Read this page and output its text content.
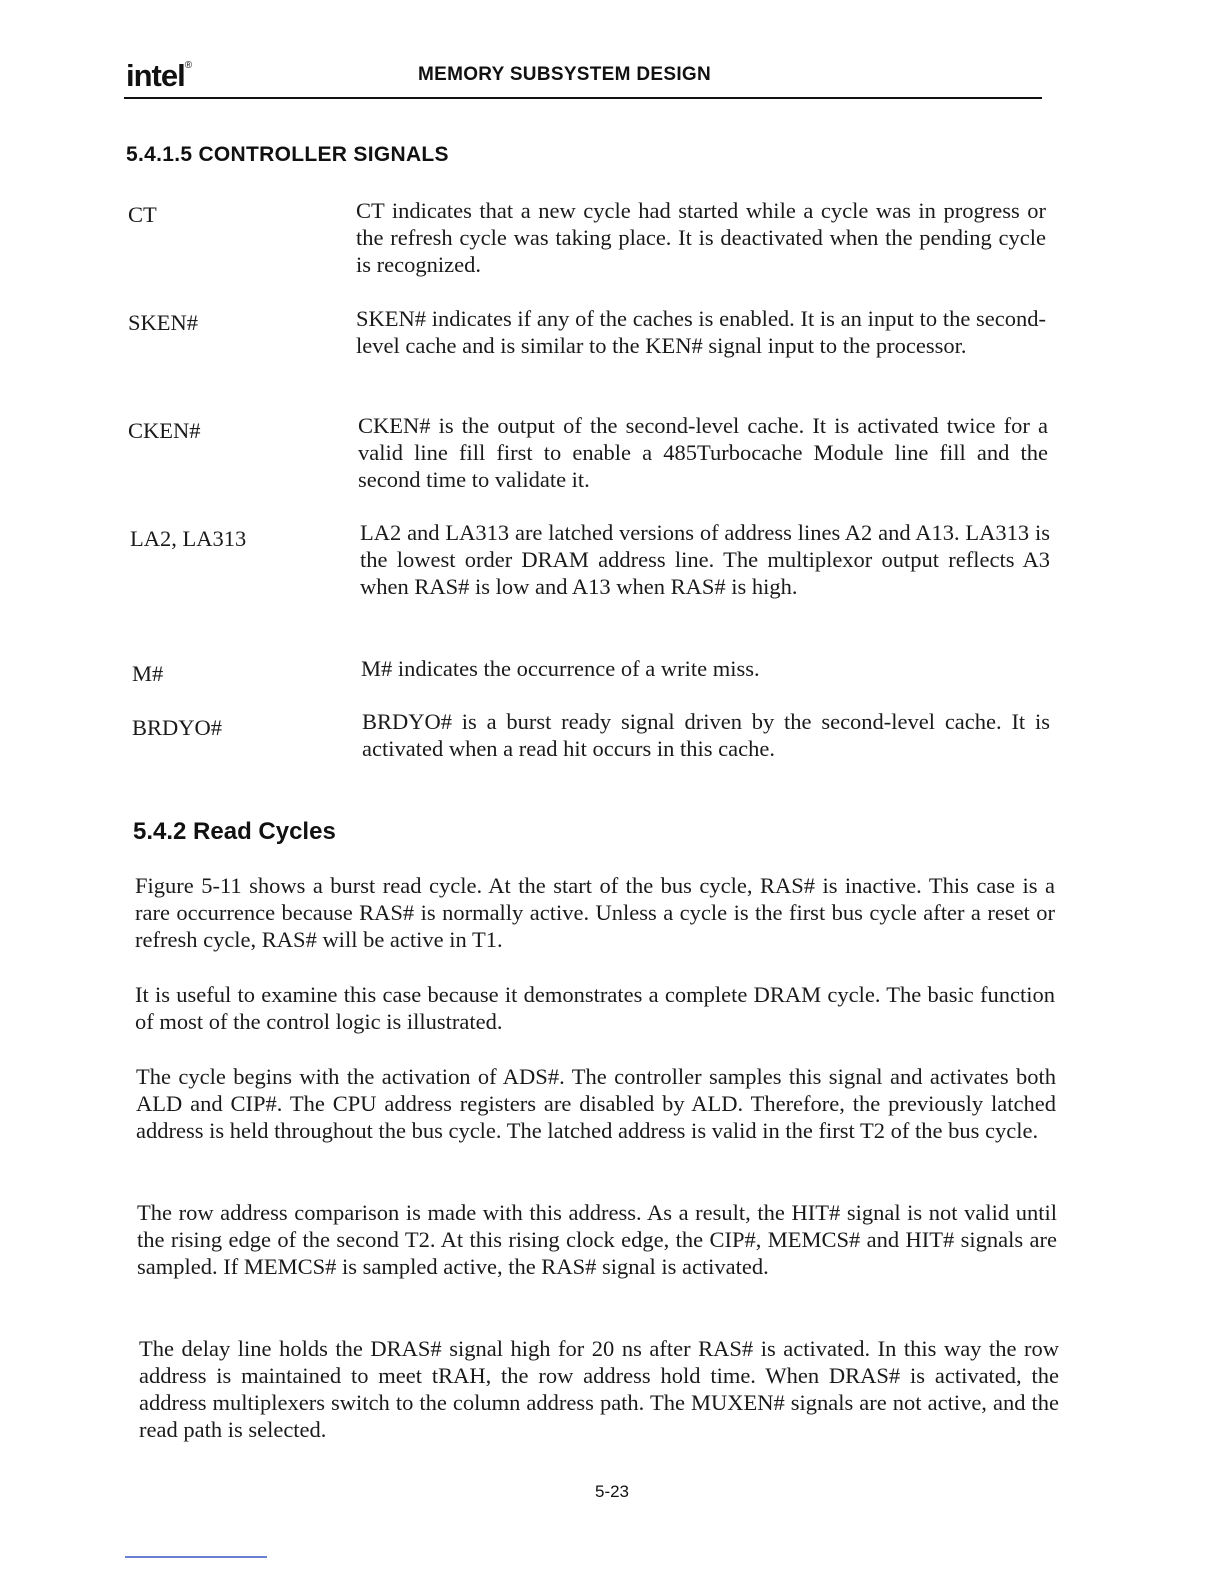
intel®	MEMORY SUBSYSTEM DESIGN
5.4.1.5 CONTROLLER SIGNALS
CT	CT indicates that a new cycle had started while a cycle was in progress or the refresh cycle was taking place. It is deactivated when the pending cycle is recognized.
SKEN#	SKEN# indicates if any of the caches is enabled. It is an input to the second-level cache and is similar to the KEN# signal input to the processor.
CKEN#	CKEN# is the output of the second-level cache. It is activated twice for a valid line fill first to enable a 485Turbocache Module line fill and the second time to validate it.
LA2, LA313	LA2 and LA313 are latched versions of address lines A2 and A13. LA313 is the lowest order DRAM address line. The multiplexor output reflects A3 when RAS# is low and A13 when RAS# is high.
M#	M# indicates the occurrence of a write miss.
BRDYO#	BRDYO# is a burst ready signal driven by the second-level cache. It is activated when a read hit occurs in this cache.
5.4.2 Read Cycles
Figure 5-11 shows a burst read cycle. At the start of the bus cycle, RAS# is inactive. This case is a rare occurrence because RAS# is normally active. Unless a cycle is the first bus cycle after a reset or refresh cycle, RAS# will be active in T1.
It is useful to examine this case because it demonstrates a complete DRAM cycle. The basic function of most of the control logic is illustrated.
The cycle begins with the activation of ADS#. The controller samples this signal and activates both ALD and CIP#. The CPU address registers are disabled by ALD. Therefore, the previously latched address is held throughout the bus cycle. The latched address is valid in the first T2 of the bus cycle.
The row address comparison is made with this address. As a result, the HIT# signal is not valid until the rising edge of the second T2. At this rising clock edge, the CIP#, MEMCS# and HIT# signals are sampled. If MEMCS# is sampled active, the RAS# signal is activated.
The delay line holds the DRAS# signal high for 20 ns after RAS# is activated. In this way the row address is maintained to meet tRAH, the row address hold time. When DRAS# is activated, the address multiplexers switch to the column address path. The MUXEN# signals are not active, and the read path is selected.
5-23
